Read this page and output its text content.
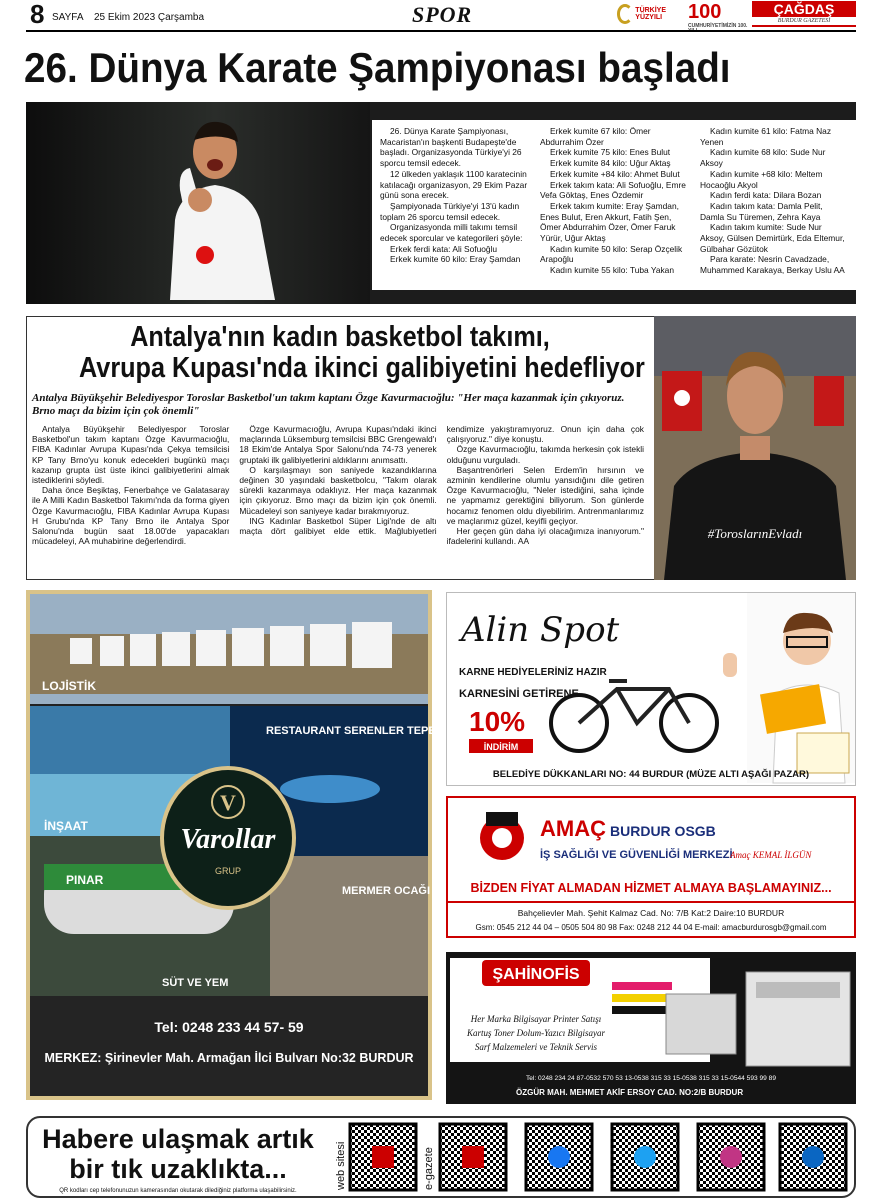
8 SAYFA 25 Ekim 2023 Çarşamba	SPOR	TÜRKİYE YÜZYILI	100
CUMHURİYETİMİZİN 100.
ÇAĞDAŞ
BURDUR GAZETESİ
26. Dünya Karate Şampiyonası başladı

26. Dünya Karate Şampiyonası, Macaristan'ın başkenti Budapeşte'de başladı. Organizasyonda Türkiye'yi 26 sporcu temsil edecek.

12 ülkeden yaklaşık 1100 karatecinin katılacağı organizasyon, 29 Ekim Pazar günü sona erecek.

Şampiyonada Türkiye'yi 13'ü kadın toplam 26 sporcu temsil edecek.

Organizasyonda milli takımı temsil edecek sporcular ve kategorileri şöyle:

Erkek ferdi kata: Ali Sofuoğlu

Erkek kumite 60 kilo: Eray Şamdan

Erkek kumite 67 kilo: Ömer Abdurrahim Özer

Erkek kumite 75 kilo: Enes Bulut

Erkek kumite 84 kilo: Uğur Aktaş

Erkek kumite +84 kilo: Ahmet Bulut

Erkek takım kata: Ali Sofuoğlu, Emre Vefa Göktaş, Enes Özdemir

Erkek takım kumite: Eray Şamdan, Enes Bulut, Eren Akkurt, Fatih Şen, Ömer Abdurrahim Özer, Ömer Faruk Yürür, Uğur Aktaş

Kadın kumite 50 kilo: Serap Özçelik Arapoğlu

Kadın kumite 55 kilo: Tuba Yakan

Kadın kumite 61 kilo: Fatma Naz Yenen

Kadın kumite 68 kilo: Sude Nur Aksoy

Kadın kumite +68 kilo: Meltem Hocaoğlu Akyol

Kadın ferdi kata: Dilara Bozan

Kadın takım kata: Damla Pelit, Damla Su Türemen, Zehra Kaya

Kadın takım kumite: Sude Nur Aksoy, Gülsen Demirtürk, Eda Eltemur, Gülbahar Gözütok

Para karate: Nesrin Cavadzade, Muhammed Karakaya, Berkay Uslu AA

Antalya'nın kadın basketbol takımı,
Avrupa Kupası'nda ikinci galibiyetini hedefliyor
Antalya Büyükşehir Belediyespor Toroslar Basketbol'un takım kaptanı Özge Kavurmacıoğlu: "Her maça kazanmak için çıkıyoruz. Brno maçı da bizim için çok önemli"

Antalya Büyükşehir Belediyespor Toroslar Basketbol'un takım kaptanı Özge Kavurmacıoğlu, FIBA Kadınlar Avrupa Kupası'nda Çekya temsilcisi KP Tany Brno'yu konuk edecekleri bugünkü maçı kazanıp grupta üst üste ikinci galibiyetlerini almak istediklerini söyledi.

Daha önce Beşiktaş, Fenerbahçe ve Galatasaray ile A Milli Kadın Basketbol Takımı'nda da forma giyen Özge Kavurmacıoğlu, FIBA Kadınlar Avrupa Kupası H Grubu'nda KP Tany Brno ile Antalya Spor Salonu'nda bugün saat 18.00'de yapacakları mücadeleyi, AA muhabirine değerlendirdi.

Özge Kavurmacıoğlu, Avrupa Kupası'ndaki ikinci maçlarında Lüksemburg temsilcisi BBC Grengewald'ı 18 Ekim'de Antalya Spor Salonu'nda 74-73 yenerek gruptaki ilk galibiyetlerini aldıklarını anımsattı.

O karşılaşmayı son saniyede kazandıklarına değinen 30 yaşındaki basketbolcu, "Takım olarak sürekli kazanmaya odaklıyız. Her maça kazanmak için çıkıyoruz. Brno maçı da bizim için çok önemli. Mücadeleyi son saniyeye kadar bırakmıyoruz.

ING Kadınlar Basketbol Süper Ligi'nde de altı maçta dört galibiyet elde ettik. Mağlubiyetleri kendimize yakıştıramıyoruz. Onun için daha çok çalışıyoruz." diye konuştu.

Özge Kavurmacıoğlu, takımda herkesin çok istekli olduğunu vurguladı.

Başantrenörleri Selen Erdem'in hırsının ve azminin kendilerine olumlu yansıdığını dile getiren Özge Kavurmacıoğlu, "Neler istediğini, saha içinde ne yapmamız gerektiğini biliyorum. Son günlerde hocamız fenomen oldu diyebilirim. Antrenmanlarımız ve maçlarımız güzel, keyifli geçiyor.

Her geçen gün daha iyi olacağımıza inanıyorum." ifadelerini kullandı. AA

#ToroslarınEvladı
LOJİSTİK
RESTAURANT SERENLER TEPESİ
İNŞAAT
PINAR
MERMER OCAĞI
SÜT VE YEM
V
Varollar
GRUP
Tel: 0248 233 44 57- 59
MERKEZ: Şirinevler Mah. Armağan İlci Bulvarı No:32 BURDUR
Alin Spot
KARNE HEDİYELERİNİZ HAZIR
KARNESİNİ GETİRENE
10%
İNDİRİM
BELEDİYE DÜKKANLARI NO: 44 BURDUR (MÜZE ALTI AŞAĞI PAZAR)
AMAÇ BURDUR OSGB
İŞ SAĞLIĞI VE GÜVENLİĞİ MERKEZİ
Amaç KEMAL İLGÜN
BİZDEN FİYAT ALMADAN HİZMET ALMAYA BAŞLAMAYINIZ...
Bahçelievler Mah. Şehit Kalmaz Cad. No: 7/B Kat:2 Daire:10 BURDUR
Gsm: 0545 212 44 04 – 0505 504 80 98 Fax: 0248 212 44 04 E-mail: amacburdurosgb@gmail.com
ŞAHİNOFİS
Her Marka Bilgisayar Printer Satışı
Kartuş Toner Dolum-Yazıcı Bilgisayar
Sarf Malzemeleri ve Teknik Servis
Tel: 0248 234 24 87-0532 570 53 13-0538 315 33 15-0538 315 33 15-0544 593 99 89
ÖZGÜR MAH. MEHMET AKİF ERSOY CAD. NO:2/B BURDUR
Habere ulaşmak artık
bir tık uzaklıkta...
QR kodları cep telefonunuzun kamerasından okutarak dilediğiniz platforma ulaşabilirsiniz.
web sitesi	e-gazete
